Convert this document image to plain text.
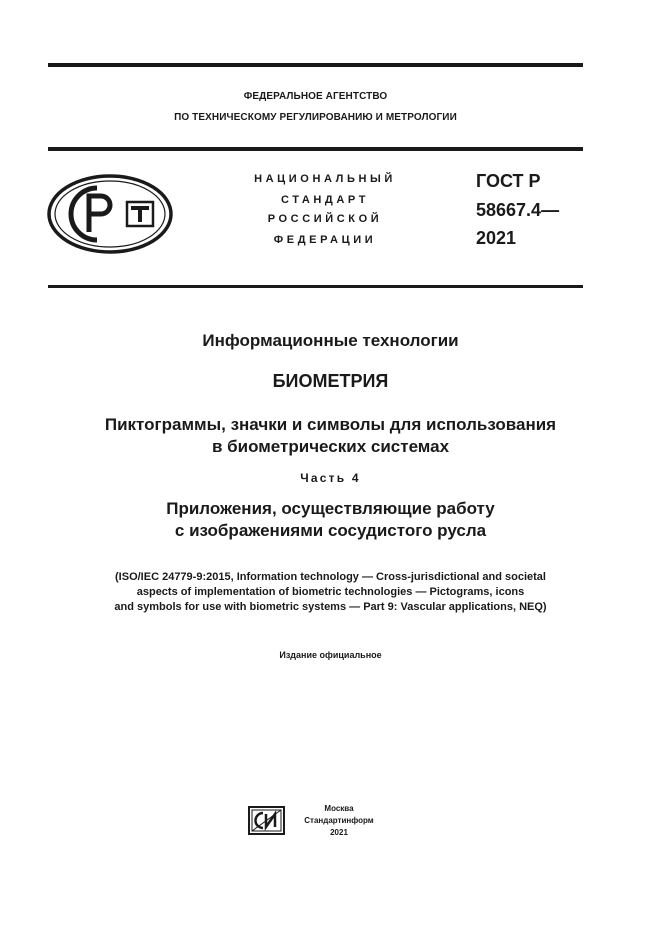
ФЕДЕРАЛЬНОЕ АГЕНТСТВО
ПО ТЕХНИЧЕСКОМУ РЕГУЛИРОВАНИЮ И МЕТРОЛОГИИ
НАЦИОНАЛЬНЫЙ
СТАНДАРТ
РОССИЙСКОЙ
ФЕДЕРАЦИИ
ГОСТ Р
58667.4—
2021
Информационные технологии
БИОМЕТРИЯ
Пиктограммы, значки и символы для использования
в биометрических системах
Часть 4
Приложения, осуществляющие работу
с изображениями сосудистого русла
(ISO/IEC 24779-9:2015, Information technology — Cross-jurisdictional and societal
aspects of implementation of biometric technologies — Pictograms, icons
and symbols for use with biometric systems — Part 9: Vascular applications, NEQ)
Издание официальное
Москва
Стандартинформ
2021
